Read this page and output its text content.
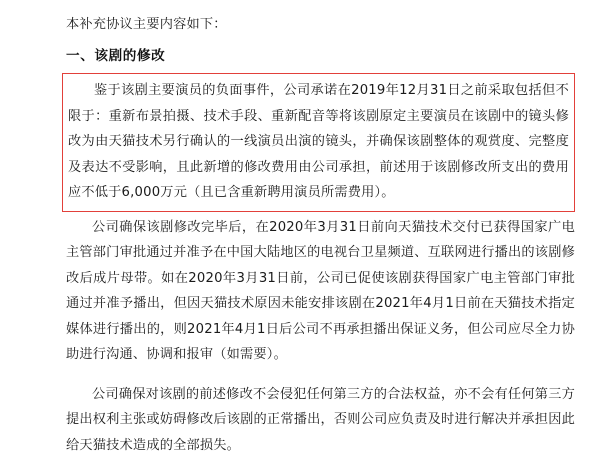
本补充协议主要内容如下：

一、该剧的修改

鉴于该剧主要演员的负面事件，公司承诺在2019年12月31日之前采取包括但不限于：重新布景拍摄、技术手段、重新配音等将该剧原定主要演员在该剧中的镜头修改为由天猫技术另行确认的一线演员出演的镜头，并确保该剧整体的观赏度、完整度及表达不受影响，且此新增的修改费用由公司承担，前述用于该剧修改所支出的费用应不低于6,000万元（且已含重新聘用演员所需费用）。

公司确保该剧修改完毕后，在2020年3月31日前向天猫技术交付已获得国家广电主管部门审批通过并准予在中国大陆地区的电视台卫星频道、互联网进行播出的该剧修改后成片母带。如在2020年3月31日前，公司已促使该剧获得国家广电主管部门审批通过并准予播出，但因天猫技术原因未能安排该剧在2021年4月1日前在天猫技术指定媒体进行播出的，则2021年4月1日后公司不再承担播出保证义务，但公司应尽全力协助进行沟通、协调和报审（如需要）。

公司确保对该剧的前述修改不会侵犯任何第三方的合法权益，亦不会有任何第三方提出权利主张或妨碍修改后该剧的正常播出，否则公司应负责及时进行解决并承担因此给天猫技术造成的全部损失。
